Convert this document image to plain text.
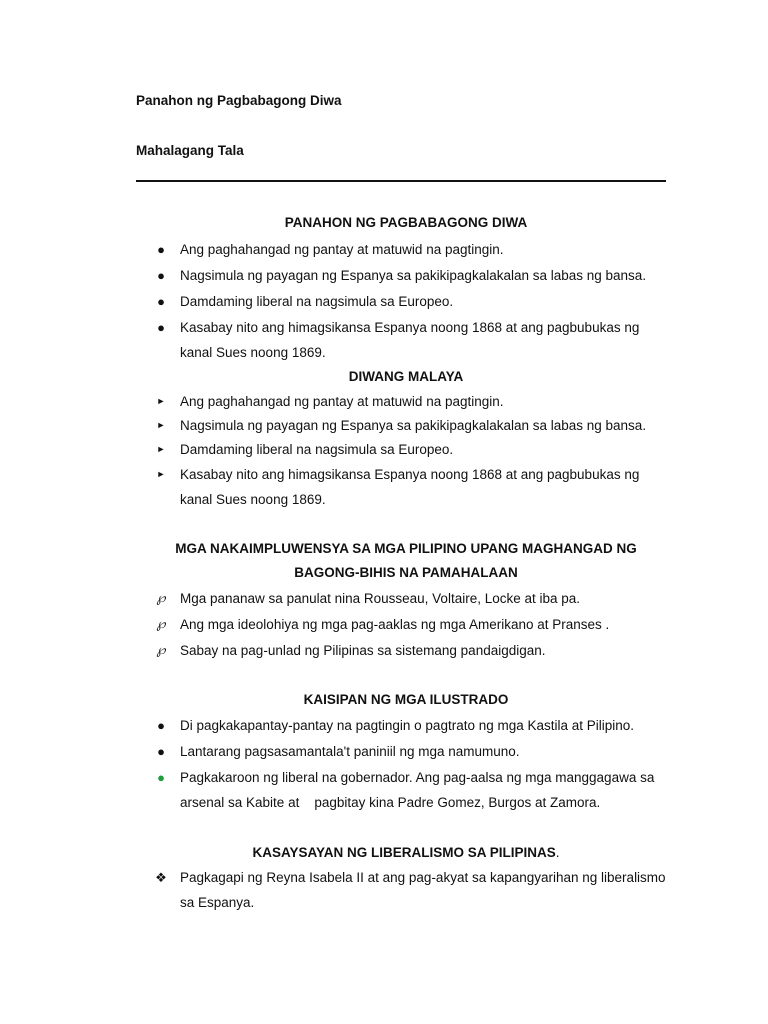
Panahon ng Pagbabagong Diwa
Mahalagang Tala
PANAHON NG PAGBABAGONG DIWA
●	Ang paghahangad ng pantay at matuwid na pagtingin.
●	Nagsimula ng payagan ng Espanya sa pakikipagkalakalan sa labas ng bansa.
●	Damdaming liberal na nagsimula sa Europeo.
●	Kasabay nito ang himagsikansa Espanya noong 1868 at ang pagbubukas ng
kanal Sues noong 1869.
DIWANG MALAYA
►	Ang paghahangad ng pantay at matuwid na pagtingin.
►	Nagsimula ng payagan ng Espanya sa pakikipagkalakalan sa labas ng bansa.
►	Damdaming liberal na nagsimula sa Europeo.
►	Kasabay nito ang himagsikansa Espanya noong 1868 at ang pagbubukas ng
kanal Sues noong 1869.
MGA NAKAIMPLUWENSYA SA MGA PILIPINO UPANG MAGHANGAD NG
BAGONG-BIHIS NA PAMAHALAAN
℘	Mga pananaw sa panulat nina Rousseau, Voltaire, Locke at iba pa.
℘	Ang mga ideolohiya ng mga pag-aaklas ng mga Amerikano at Pranses .
℘	Sabay na pag-unlad ng Pilipinas sa sistemang pandaigdigan.
KAISIPAN NG MGA ILUSTRADO
●	Di pagkakapantay-pantay na pagtingin o pagtrato ng mga Kastila at Pilipino.
●	Lantarang pagsasamantala't paniniil ng mga namumuno.
●	Pagkakaroon ng liberal na gobernador. Ang pag-aalsa ng mga manggagawa sa
arsenal sa Kabite at    pagbitay kina Padre Gomez, Burgos at Zamora.
KASAYSAYAN NG LIBERALISMO SA PILIPINAS.
❖ Pagkagapi ng Reyna Isabela II at ang pag-akyat sa kapangyarihan ng liberalismo
sa Espanya.
